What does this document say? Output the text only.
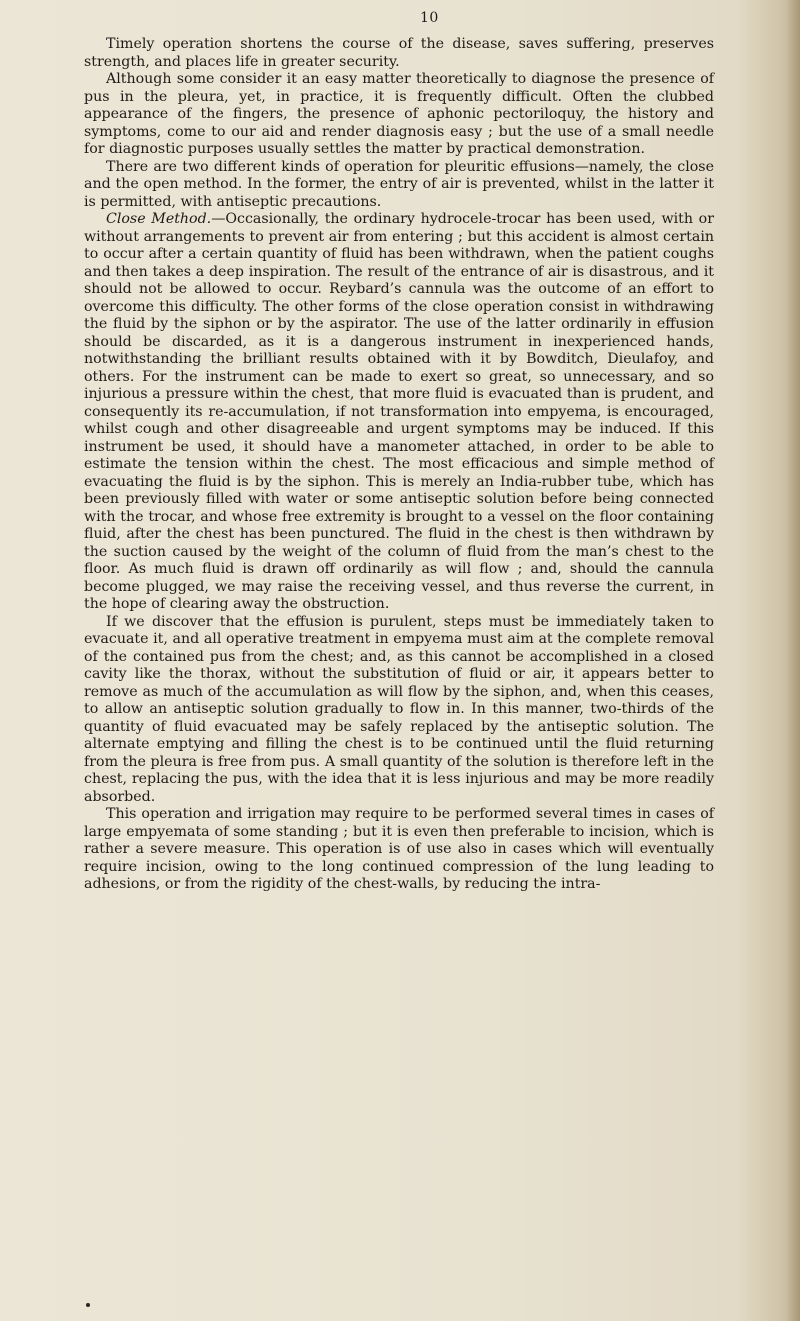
10

Timely operation shortens the course of the disease, saves suffering, preserves strength, and places life in greater security.

Although some consider it an easy matter theoretically to diagnose the presence of pus in the pleura, yet, in practice, it is frequently difficult. Often the clubbed appearance of the fingers, the presence of aphonic pectoriloquy, the history and symptoms, come to our aid and render diagnosis easy ; but the use of a small needle for diagnostic purposes usually settles the matter by practical demonstration.

There are two different kinds of operation for pleuritic effusions—namely, the close and the open method. In the former, the entry of air is prevented, whilst in the latter it is permitted, with antiseptic precautions.

Close Method.—Occasionally, the ordinary hydrocele-trocar has been used, with or without arrangements to prevent air from entering ; but this accident is almost certain to occur after a certain quantity of fluid has been withdrawn, when the patient coughs and then takes a deep inspiration. The result of the entrance of air is disastrous, and it should not be allowed to occur. Reybard’s cannula was the outcome of an effort to overcome this difficulty. The other forms of the close operation consist in withdrawing the fluid by the siphon or by the aspirator. The use of the latter ordinarily in effusion should be discarded, as it is a dangerous instrument in inexperienced hands, notwithstanding the brilliant results obtained with it by Bowditch, Dieulafoy, and others. For the instrument can be made to exert so great, so unnecessary, and so injurious a pressure within the chest, that more fluid is evacuated than is prudent, and consequently its re-accumulation, if not transformation into empyema, is encouraged, whilst cough and other disagreeable and urgent symptoms may be induced. If this instrument be used, it should have a manometer attached, in order to be able to estimate the tension within the chest. The most efficacious and simple method of evacuating the fluid is by the siphon. This is merely an India-rubber tube, which has been previously filled with water or some antiseptic solution before being connected with the trocar, and whose free extremity is brought to a vessel on the floor containing fluid, after the chest has been punctured. The fluid in the chest is then withdrawn by the suction caused by the weight of the column of fluid from the man’s chest to the floor. As much fluid is drawn off ordinarily as will flow ; and, should the cannula become plugged, we may raise the receiving vessel, and thus reverse the current, in the hope of clearing away the obstruction.

If we discover that the effusion is purulent, steps must be immediately taken to evacuate it, and all operative treatment in empyema must aim at the complete removal of the contained pus from the chest; and, as this cannot be accomplished in a closed cavity like the thorax, without the substitution of fluid or air, it appears better to remove as much of the accumulation as will flow by the siphon, and, when this ceases, to allow an antiseptic solution gradually to flow in. In this manner, two-thirds of the quantity of fluid evacuated may be safely replaced by the antiseptic solution. The alternate emptying and filling the chest is to be continued until the fluid returning from the pleura is free from pus. A small quantity of the solution is therefore left in the chest, replacing the pus, with the idea that it is less injurious and may be more readily absorbed.

This operation and irrigation may require to be performed several times in cases of large empyemata of some standing ; but it is even then preferable to incision, which is rather a severe measure. This operation is of use also in cases which will eventually require incision, owing to the long continued compression of the lung leading to adhesions, or from the rigidity of the chest-walls, by reducing the intra-
